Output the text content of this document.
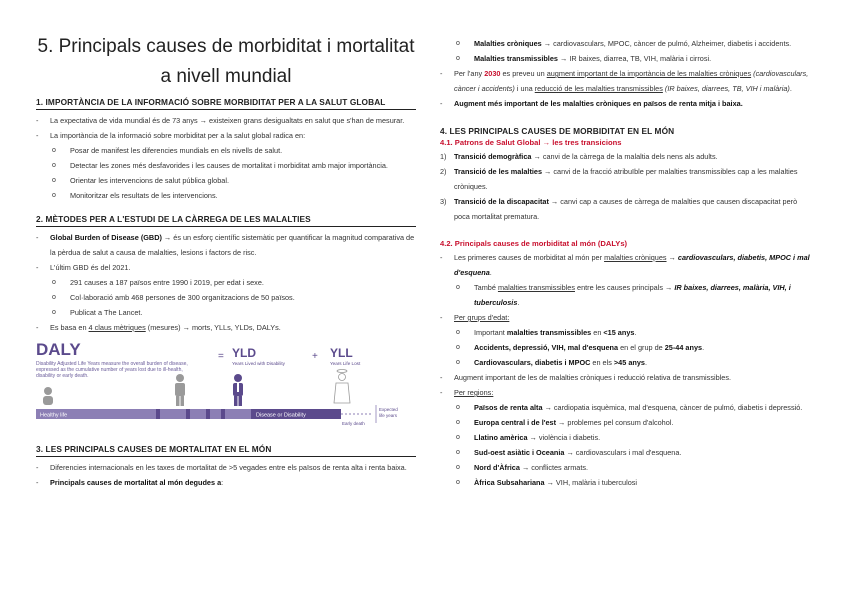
5. Principals causes de morbiditat i mortalitat
a nivell mundial
1. IMPORTÀNCIA DE LA INFORMACIÓ SOBRE MORBIDITAT PER A LA SALUT GLOBAL
- La expectativa de vida mundial és de 73 anys → existeixen grans desigualtats en salut que s'han de mesurar.
- La importància de la informació sobre morbiditat per a la salut global radica en:
o Posar de manifest les diferencies mundials en els nivells de salut.
o Detectar les zones més desfavorides i les causes de mortalitat i morbiditat amb major importància.
o Orientar les intervencions de salut pública global.
o Monitoritzar els resultats de les intervencions.
2. MÈTODES PER A L'ESTUDI DE LA CÀRREGA DE LES MALALTIES
- Global Burden of Disease (GBD) → és un esforç científic sistemàtic per quantificar la magnitud comparativa de la pèrdua de salut a causa de malalties, lesions i factors de risc.
- L'últim GBD és del 2021.
o 291 causes a 187 països entre 1990 i 2019, per edat i sexe.
o Col·laboració amb 468 persones de 300 organitzacions de 50 països.
o Publicat a The Lancet.
- Es basa en 4 claus mètriques (mesures) → morts, YLLs, YLDs, DALYs.
DALY
Disability Adjusted Life Years measure the overall burden of disease,
expressed as the cumulative number of years lost due to ill-health,
disability or early death.
= YLD
Years Lived with Disability
+ YLL
Years Life Lost
Healthy life	Disease or Disability
Early death
Expected
life years
3. LES PRINCIPALS CAUSES DE MORTALITAT EN EL MÓN
- Diferencies internacionals en les taxes de mortalitat de >5 vegades entre els països de renta alta i renta baixa.
- Principals causes de mortalitat al món degudes a:
o Malalties cròniques → cardiovasculars, MPOC, càncer de pulmó, Alzheimer, diabetis i accidents.
o Malalties transmissibles → IR baixes, diarrea, TB, VIH, malària i cirrosi.
- Per l'any 2030 es preveu un augment important de la importància de les malalties cròniques (cardiovasculars, càncer i accidents) i una reducció de les malalties transmissibles (IR baixes, diarrees, TB, VIH i malària).
- Augment més important de les malalties cròniques en països de renta mitja i baixa.
4. LES PRINCIPALS CAUSES DE MORBIDITAT EN EL MÓN
4.1. Patrons de Salut Global → les tres transicions
1) Transició demogràfica → canvi de la càrrega de la malaltia dels nens als adults.
2) Transició de les malalties → canvi de la fracció atribuïble per malalties transmissibles cap a les malalties cròniques.
3) Transició de la discapacitat → canvi cap a causes de càrrega de malalties que causen discapacitat però poca mortalitat prematura.
4.2. Principals causes de morbiditat al món (DALYs)
- Les primeres causes de morbiditat al món per malalties cròniques → cardiovasculars, diabetis, MPOC i mal d'esquena.
o També malalties transmissibles entre les causes principals → IR baixes, diarrees, malària, VIH, i tuberculosis.
- Per grups d'edat:
o Important malalties transmissibles en <15 anys.
o Accidents, depressió, VIH, mal d'esquena en el grup de 25-44 anys.
o Cardiovasculars, diabetis i MPOC en els >45 anys.
- Augment important de les de malalties cròniques i reducció relativa de transmissibles.
- Per regions:
o Països de renta alta → cardiopatia isquèmica, mal d'esquena, càncer de pulmó, diabetis i depressió.
o Europa central i de l'est → problemes pel consum d'alcohol.
o Llatino amèrica → violència i diabetis.
o Sud-oest asiàtic i Oceania → cardiovasculars i mal d'esquena.
o Nord d'Àfrica → conflictes armats.
o Àfrica Subsahariana → VIH, malària i tuberculosi
